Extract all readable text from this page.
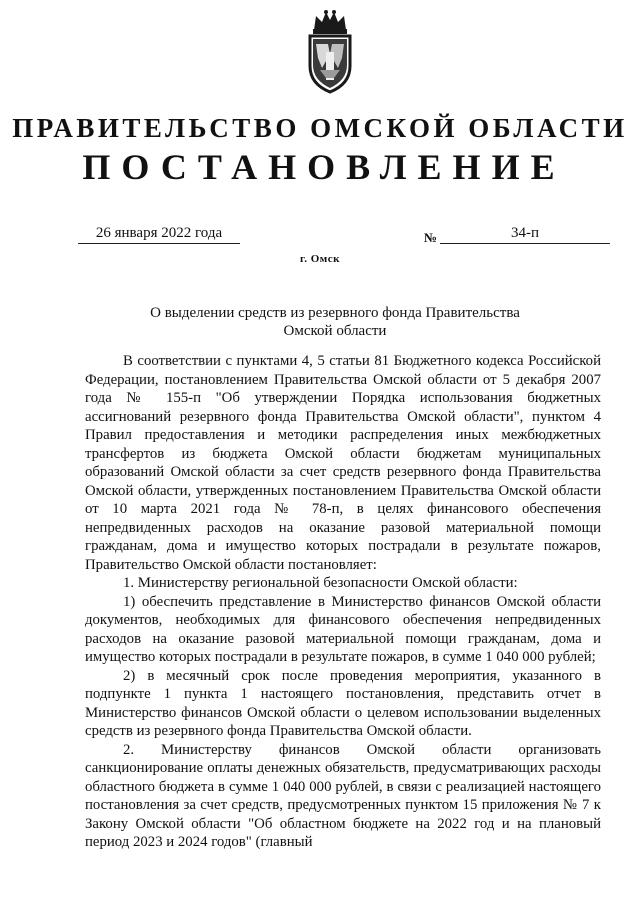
ПРАВИТЕЛЬСТВО ОМСКОЙ ОБЛАСТИ
ПОСТАНОВЛЕНИЕ
26 января 2022 года	№	34-п
г. Омск
О выделении средств из резервного фонда Правительства
Омской области

В соответствии с пунктами 4, 5 статьи 81 Бюджетного кодекса Российской Федерации, постановлением Правительства Омской области от 5 декабря 2007 года № 155-п "Об утверждении Порядка использования бюджетных ассигнований резервного фонда Правительства Омской области", пунктом 4 Правил предоставления и методики распределения иных межбюджетных трансфертов из бюджета Омской области бюджетам муниципальных образований Омской области за счет средств резервного фонда Правительства Омской области, утвержденных постановлением Правительства Омской области от 10 марта 2021 года № 78-п, в целях финансового обеспечения непредвиденных расходов на оказание разовой материальной помощи гражданам, дома и имущество которых пострадали в результате пожаров, Правительство Омской области постановляет:

1. Министерству региональной безопасности Омской области:

1) обеспечить представление в Министерство финансов Омской области документов, необходимых для финансового обеспечения непредвиденных расходов на оказание разовой материальной помощи гражданам, дома и имущество которых пострадали в результате пожаров, в сумме 1 040 000 рублей;

2) в месячный срок после проведения мероприятия, указанного в подпункте 1 пункта 1 настоящего постановления, представить отчет в Министерство финансов Омской области о целевом использовании выделенных средств из резервного фонда Правительства Омской области.

2. Министерству финансов Омской области организовать санкционирование оплаты денежных обязательств, предусматривающих расходы областного бюджета в сумме 1 040 000 рублей, в связи с реализацией настоящего постановления за счет средств, предусмотренных пунктом 15 приложения № 7 к Закону Омской области "Об областном бюджете на 2022 год и на плановый период 2023 и 2024 годов" (главный
